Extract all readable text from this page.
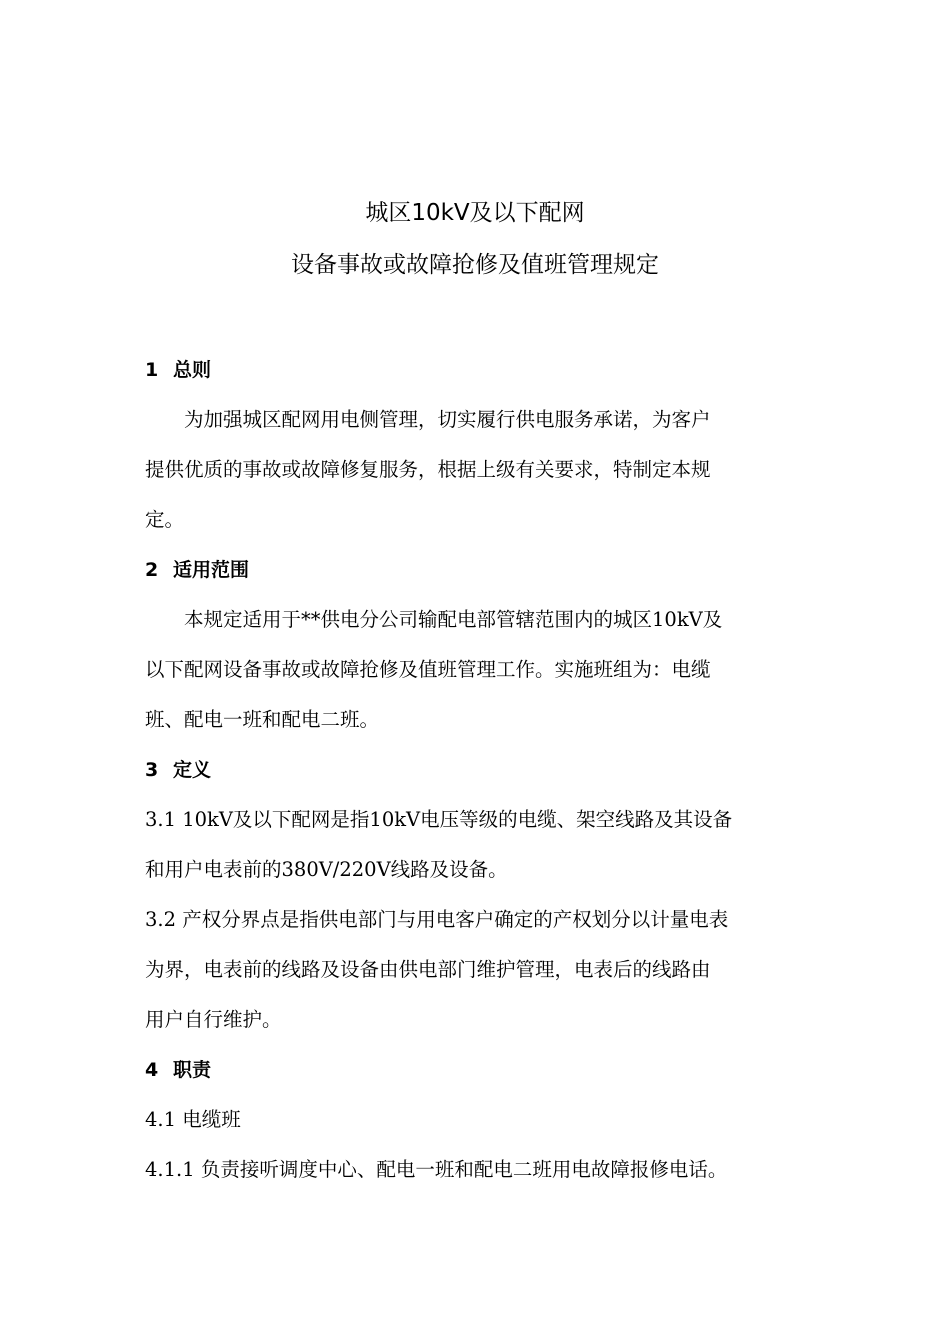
城区10kV及以下配网
设备事故或故障抢修及值班管理规定
1 总则
为加强城区配网用电侧管理，切实履行供电服务承诺，为客户
提供优质的事故或故障修复服务，根据上级有关要求，特制定本规
定。
2 适用范围
本规定适用于**供电分公司输配电部管辖范围内的城区10kV及
以下配网设备事故或故障抢修及值班管理工作。实施班组为：电缆
班、配电一班和配电二班。
3 定义
3.1 10kV及以下配网是指10kV电压等级的电缆、架空线路及其设备
和用户电表前的380V/220V线路及设备。
3.2 产权分界点是指供电部门与用电客户确定的产权划分以计量电表
为界，电表前的线路及设备由供电部门维护管理，电表后的线路由
用户自行维护。
4 职责
4.1 电缆班
4.1.1 负责接听调度中心、配电一班和配电二班用电故障报修电话。
